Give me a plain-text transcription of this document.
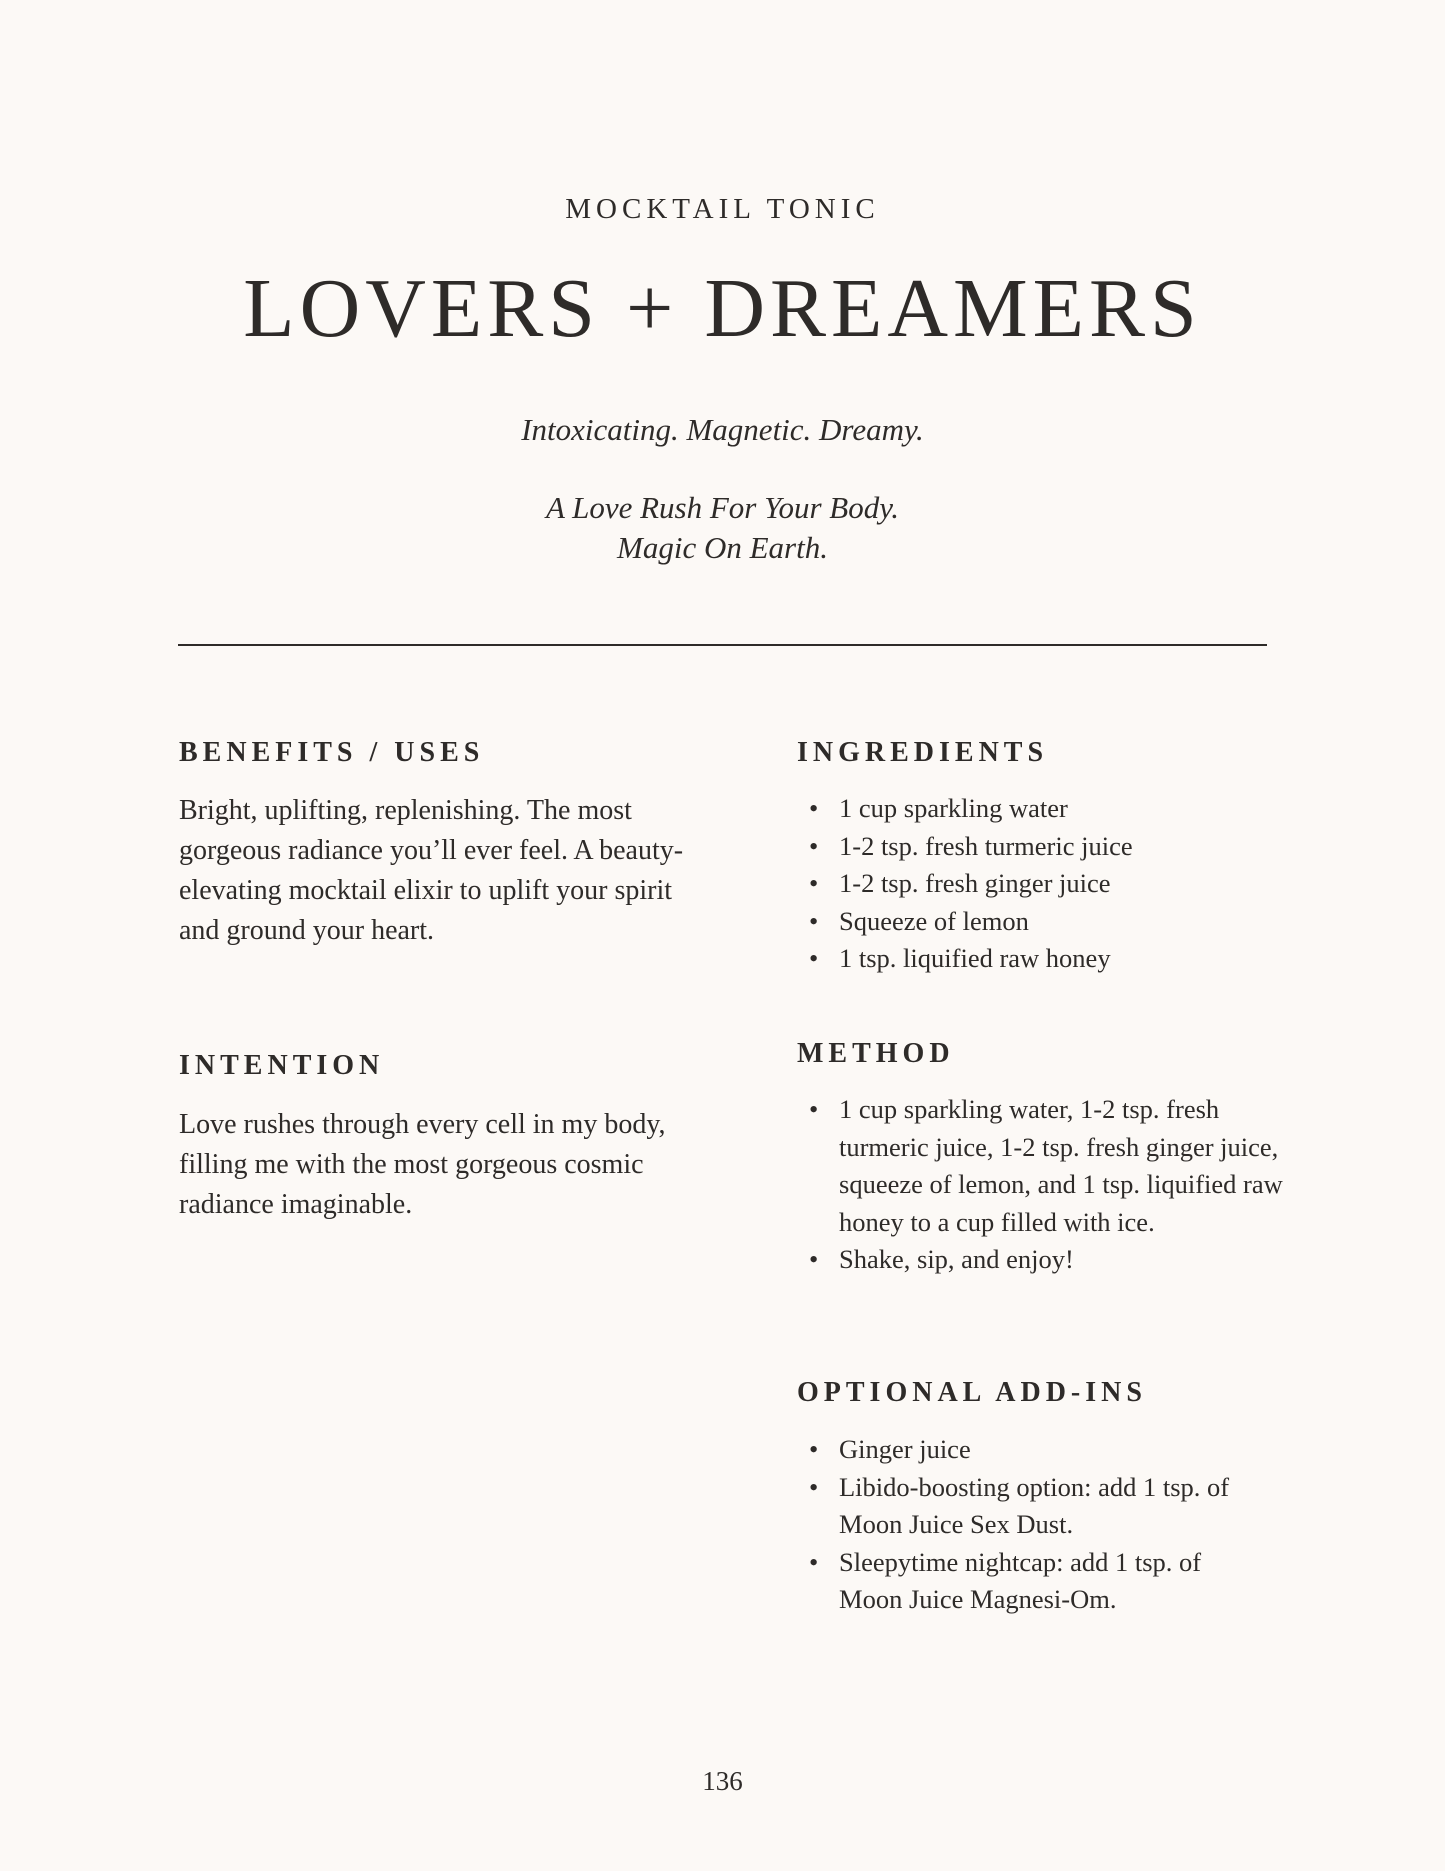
MOCKTAIL TONIC
LOVERS + DREAMERS
Intoxicating. Magnetic. Dreamy.
A Love Rush For Your Body.
Magic On Earth.
BENEFITS / USES
Bright, uplifting, replenishing. The most gorgeous radiance you’ll ever feel. A beauty-elevating mocktail elixir to uplift your spirit and ground your heart.
INTENTION
Love rushes through every cell in my body, filling me with the most gorgeous cosmic radiance imaginable.
INGREDIENTS
• 1 cup sparkling water
• 1-2 tsp. fresh turmeric juice
• 1-2 tsp. fresh ginger juice
• Squeeze of lemon
• 1 tsp. liquified raw honey
METHOD
• 1 cup sparkling water, 1-2 tsp. fresh turmeric juice, 1-2 tsp. fresh ginger juice, squeeze of lemon, and 1 tsp. liquified raw honey to a cup filled with ice.
• Shake, sip, and enjoy!
OPTIONAL ADD-INS
• Ginger juice
• Libido-boosting option: add 1 tsp. of Moon Juice Sex Dust.
• Sleepytime nightcap: add 1 tsp. of Moon Juice Magnesi-Om.
136
